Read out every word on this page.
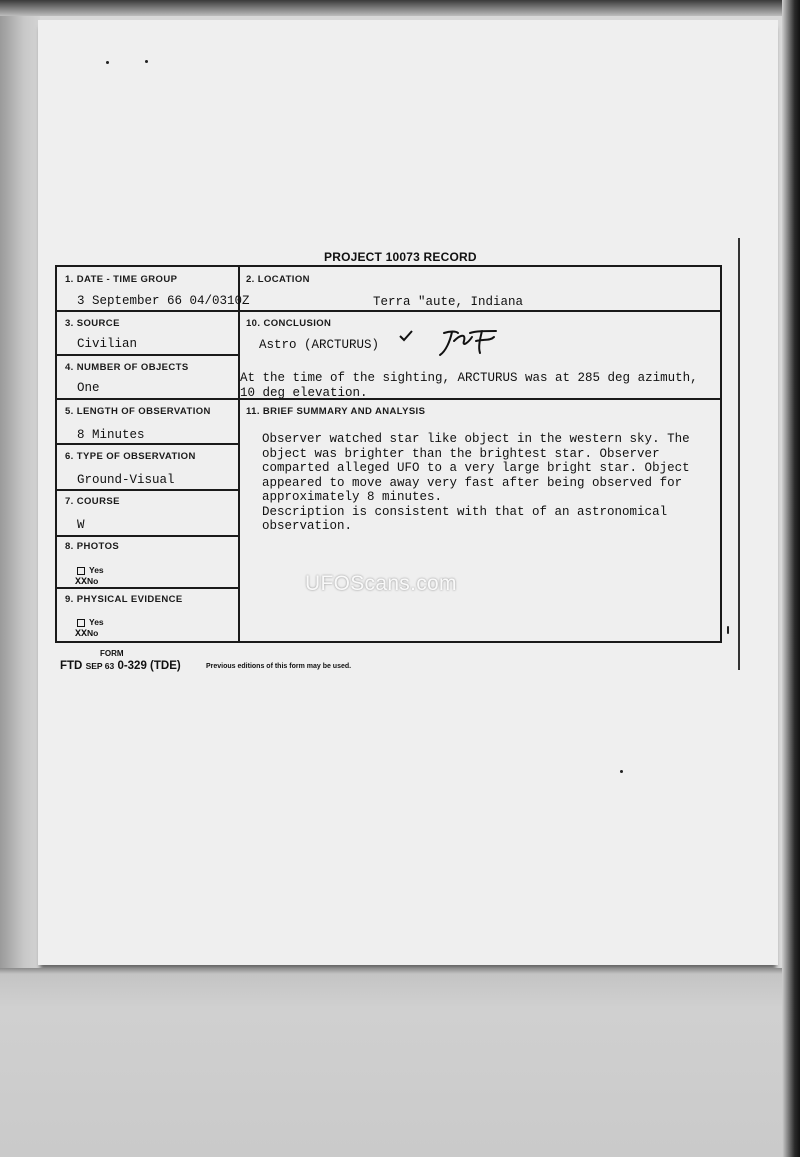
PROJECT 10073 RECORD
1. DATE - TIME GROUP
3 September 66 04/0310Z
2. LOCATION
Terra "aute, Indiana
3. SOURCE
Civilian
10. CONCLUSION
Astro (ARCTURUS)
At the time of the sighting, ARCTURUS was at 285 deg azimuth, 10 deg elevation.
4. NUMBER OF OBJECTS
One
5. LENGTH OF OBSERVATION
8 Minutes
11. BRIEF SUMMARY AND ANALYSIS
Observer watched star like object in the western sky. The
object was brighter than the brightest star. Observer
comparted alleged UFO to a very large bright star. Object
appeared to move away very fast after being observed for
approximately 8 minutes.
Description is consistent with that of an astronomical
observation.
6. TYPE OF OBSERVATION
Ground-Visual
7. COURSE
W
8. PHOTOS
Yes
XXNo
9. PHYSICAL EVIDENCE
Yes
XXNo
FORM
FTD SEP 63 0-329 (TDE)	Previous editions of this form may be used.
UFOScans.com
